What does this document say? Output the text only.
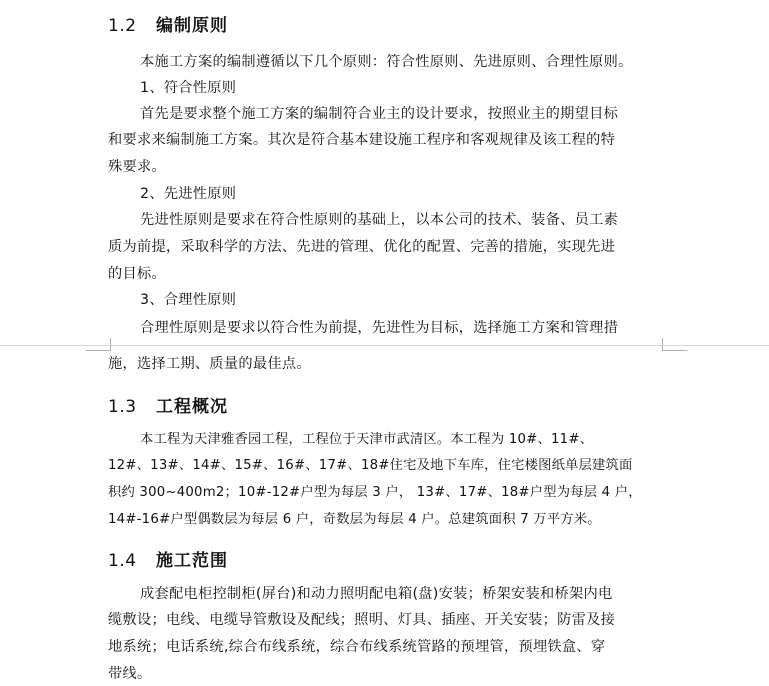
1.2 编制原则

本施工方案的编制遵循以下几个原则：符合性原则、先进原则、合理性原则。

1、符合性原则

首先是要求整个施工方案的编制符合业主的设计要求，按照业主的期望目标

和要求来编制施工方案。其次是符合基本建设施工程序和客观规律及该工程的特

殊要求。

2、先进性原则

先进性原则是要求在符合性原则的基础上，以本公司的技术、装备、员工素

质为前提，采取科学的方法、先进的管理、优化的配置、完善的措施，实现先进

的目标。

3、合理性原则

合理性原则是要求以符合性为前提，先进性为目标，选择施工方案和管理措

施，选择工期、质量的最佳点。

1.3 工程概况

本工程为天津雅香园工程，工程位于天津市武清区。本工程为 10#、11#、

12#、13#、14#、15#、16#、17#、18#住宅及地下车库，住宅楼图纸单层建筑面

积约 300~400m2；10#-12#户型为每层 3 户， 13#、17#、18#户型为每层 4 户，

14#-16#户型偶数层为每层 6 户，奇数层为每层 4 户。总建筑面积 7 万平方米。

1.4 施工范围

成套配电柜控制柜(屏台)和动力照明配电箱(盘)安装；桥架安装和桥架内电

缆敷设；电线、电缆导管敷设及配线；照明、灯具、插座、开关安装；防雷及接

地系统；电话系统,综合布线系统，综合布线系统管路的预埋管，预埋铁盒、穿

带线。
